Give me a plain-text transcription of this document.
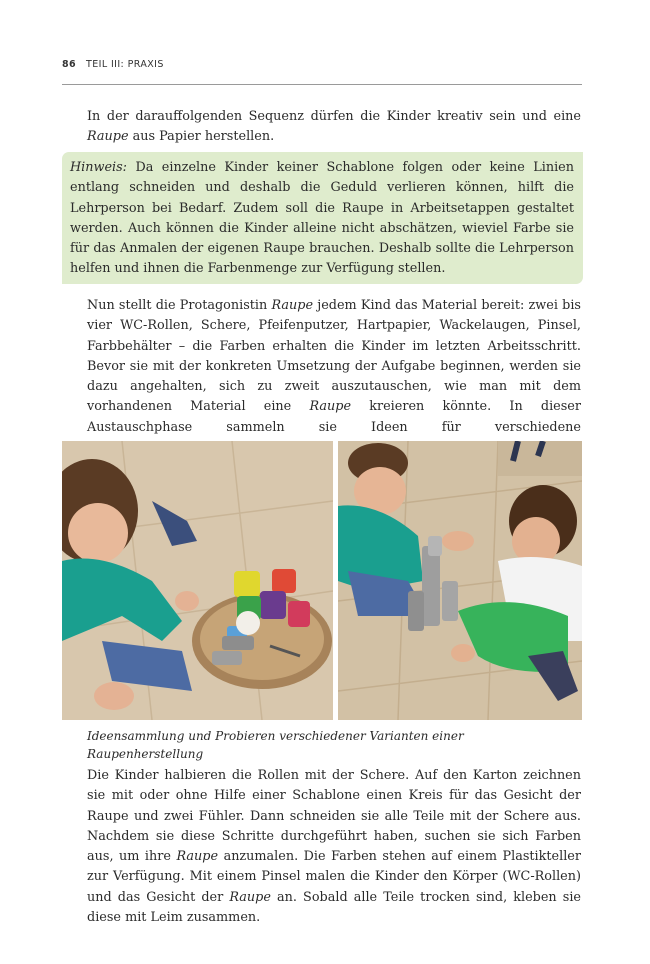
86 TEIL III: PRAXIS

In der darauffolgenden Sequenz dürfen die Kinder kreativ sein und eine Raupe aus Papier herstellen.

Hinweis: Da einzelne Kinder keiner Schablone folgen oder keine Linien entlang schneiden und deshalb die Geduld verlieren können, hilft die Lehrperson bei Bedarf. Zudem soll die Raupe in Arbeitsetappen gestaltet werden. Auch können die Kinder alleine nicht abschätzen, wieviel Farbe sie für das Anmalen der eigenen Raupe brauchen. Deshalb sollte die Lehrperson helfen und ihnen die Farbenmenge zur Verfügung stellen.

Nun stellt die Protagonistin Raupe jedem Kind das Material bereit: zwei bis vier WC-Rollen, Schere, Pfeifenputzer, Hartpapier, Wackelaugen, Pinsel, Farbbehälter – die Farben erhalten die Kinder im letzten Arbeitsschritt. Bevor sie mit der konkreten Umsetzung der Aufgabe beginnen, werden sie dazu angehalten, sich zu zweit auszutauschen, wie man mit dem vorhandenen Material eine Raupe kreieren könnte. In dieser Austauschphase sammeln sie Ideen für verschiedene

Ideensammlung und Probieren verschiedener Varianten einer Raupenherstellung

Die Kinder halbieren die Rollen mit der Schere. Auf den Karton zeichnen sie mit oder ohne Hilfe einer Schablone einen Kreis für das Gesicht der Raupe und zwei Fühler. Dann schneiden sie alle Teile mit der Schere aus. Nachdem sie diese Schritte durchgeführt haben, suchen sie sich Farben aus, um ihre Raupe anzumalen. Die Farben stehen auf einem Plastikteller zur Verfügung. Mit einem Pinsel malen die Kinder den Körper (WC-Rollen) und das Gesicht der Raupe an. Sobald alle Teile trocken sind, kleben sie diese mit Leim zusammen.
